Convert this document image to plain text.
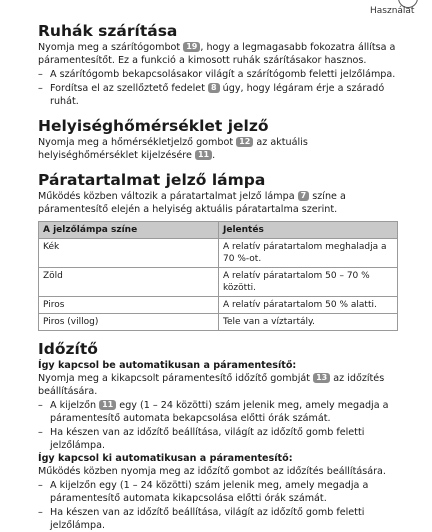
Használat
Ruhák szárítása

Nyomja meg a szárítógombot 19 , hogy a legmagasabb fokozatra állítsa a páramentesítőt. Ez a funkció a kimosott ruhák szárításakor hasznos.

– A szárítógomb bekapcsolásakor világít a szárítógomb feletti jelzőlámpa.
– Fordítsa el az szellőztető fedelet 8 úgy, hogy légáram érje a száradó ruhát.
Helyiséghőmérséklet jelző

Nyomja meg a hőmérsékletjelző gombot 12 az aktuális helyiséghőmérséklet kijelzésére 11 .

Páratartalmat jelző lámpa

Működés közben változik a páratartalmat jelző lámpa 7 színe a páramentesítő elején a helyiség aktuális páratartalma szerint.

A jelzőlámpa színe	Jelentés
Kék	A relatív páratartalom meghaladja a 70 %-ot.
Zöld	A relatív páratartalom 50 – 70 % közötti.
Piros	A relatív páratartalom 50 % alatti.
Piros (villog)	Tele van a víztartály.
Időzítő
Így kapcsol be automatikusan a páramentesítő:

Nyomja meg a kikapcsolt páramentesítő időzítő gombját 13 az időzítés beállítására.

– A kijelzőn 11 egy (1 – 24 közötti) szám jelenik meg, amely megadja a páramentesítő automata bekapcsolása előtti órák számát.
– Ha készen van az időzítő beállítása, világít az időzítő gomb feletti jelzőlámpa.
Így kapcsol ki automatikusan a páramentesítő:

Működés közben nyomja meg az időzítő gombot az időzítés beállítására.

– A kijelzőn egy (1 – 24 közötti) szám jelenik meg, amely megadja a páramentesítő automata kikapcsolása előtti órák számát.
– Ha készen van az időzítő beállítása, világít az időzítő gomb feletti jelzőlámpa.
